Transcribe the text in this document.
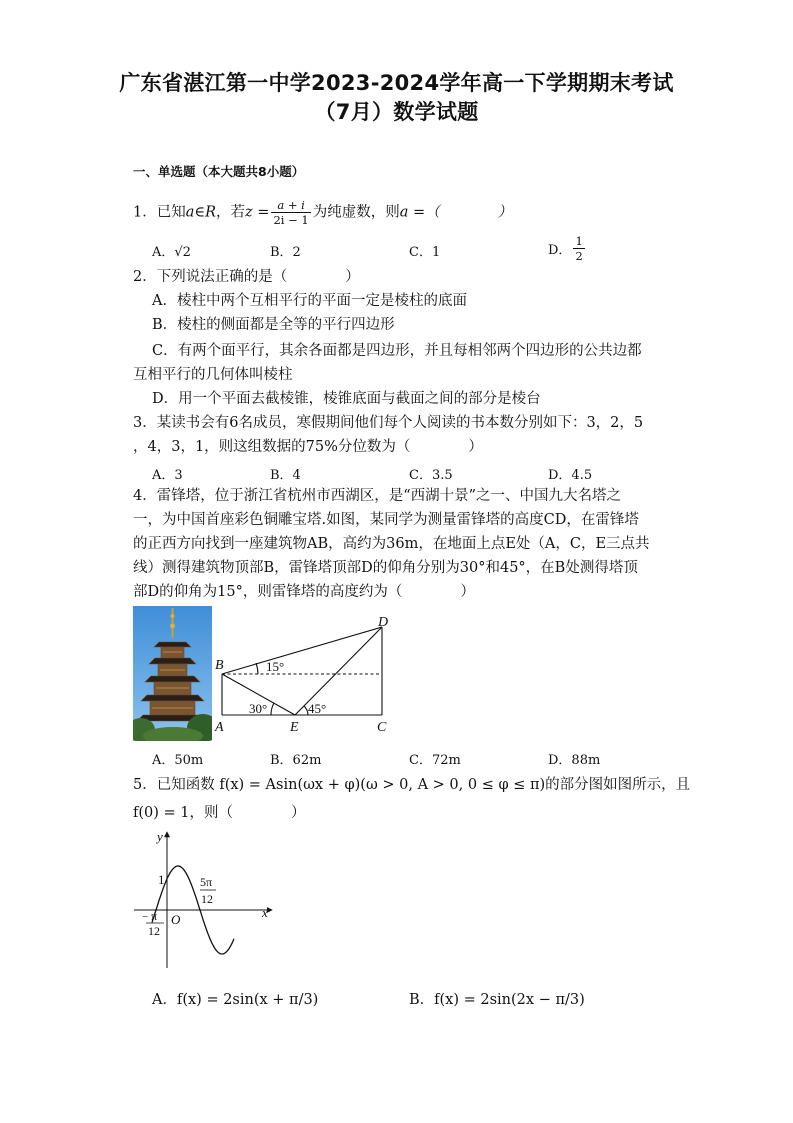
广东省湛江第一中学2023-2024学年高一下学期期末考试
（7月）数学试题
一、单选题（本大题共8小题）
1．已知a∈R，若$z = \frac{a + i}{2i - 1}$ 为纯虚数，则a =（　　　　）
A．√2	B．2	C．1	D． $\frac{1}{2}$
2．下列说法正确的是（　　　　）
A．棱柱中两个互相平行的平面一定是棱柱的底面
B．棱柱的侧面都是全等的平行四边形
C．有两个面平行，其余各面都是四边形，并且每相邻两个四边形的公共边都
互相平行的几何体叫棱柱
D．用一个平面去截棱锥，棱锥底面与截面之间的部分是棱台
3．某读书会有6名成员，寒假期间他们每个人阅读的书本数分别如下：3，2，5
，4，3，1，则这组数据的75%分位数为（　　　　）
A．3	B．4	C．3.5	D．4.5
4．雷锋塔，位于浙江省杭州市西湖区，是“西湖十景”之一、中国九大名塔之
一，为中国首座彩色铜雕宝塔.如图，某同学为测量雷锋塔的高度CD，在雷锋塔
的正西方向找到一座建筑物AB，高约为36m，在地面上点E处（A，C，E三点共
线）测得建筑物顶部B，雷锋塔顶部D的仰角分别为30°和45°，在B处测得塔顶
部D的仰角为15°，则雷锋塔的高度约为（　　　　）
B
A	E	C
D
15°
30°	45°
A．50m	B．62m	C．72m	D．88m
5．已知函数 f(x) = Asin(ωx + φ)(ω > 0, A > 0, 0 ≤ φ ≤ π)的部分图如图所示，且
f(0) = 1，则（　　　　）
y
x
O
1	5π
12
− π
12
A．f(x) = 2sin(x + π/3)	B．f(x) = 2sin(2x − π/3)
